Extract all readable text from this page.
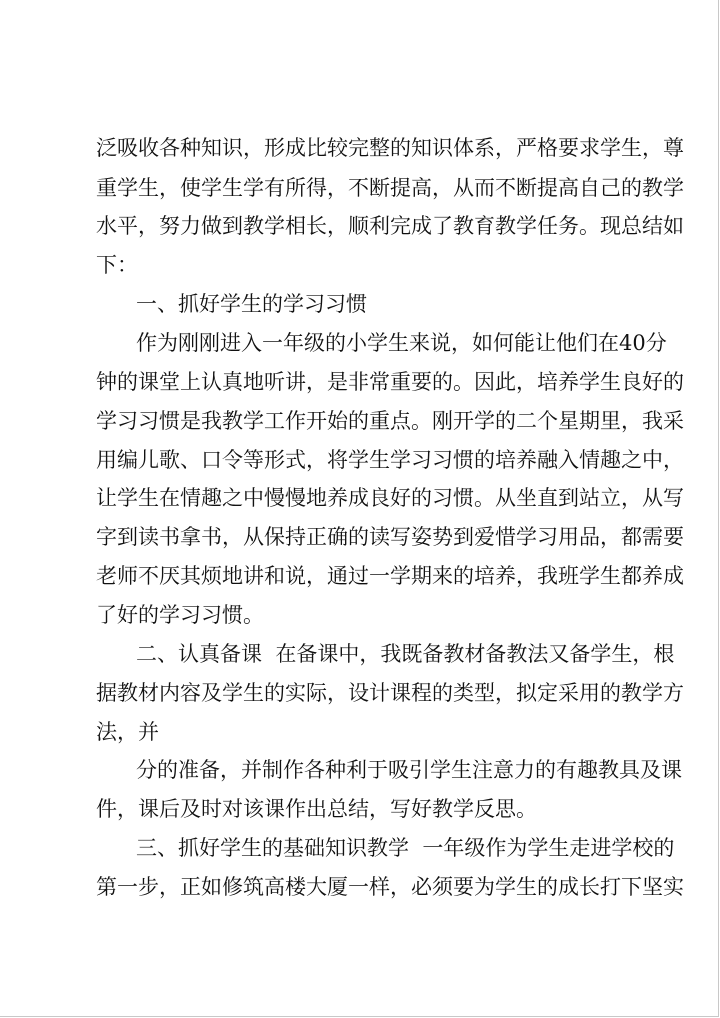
泛吸收各种知识，形成比较完整的知识体系，严格要求学生，尊
重学生，使学生学有所得，不断提高，从而不断提高自己的教学
水平，努力做到教学相长，顺利完成了教育教学任务。现总结如
下：
一、抓好学生的学习习惯
作为刚刚进入一年级的小学生来说，如何能让他们在40分
钟的课堂上认真地听讲，是非常重要的。因此，培养学生良好的
学习习惯是我教学工作开始的重点。刚开学的二个星期里，我采
用编儿歌、口令等形式，将学生学习习惯的培养融入情趣之中，
让学生在情趣之中慢慢地养成良好的习惯。从坐直到站立，从写
字到读书拿书，从保持正确的读写姿势到爱惜学习用品，都需要
老师不厌其烦地讲和说，通过一学期来的培养，我班学生都养成
了好的学习习惯。
二、认真备课  在备课中，我既备教材备教法又备学生，根
据教材内容及学生的实际，设计课程的类型，拟定采用的教学方
法，并
分的准备，并制作各种利于吸引学生注意力的有趣教具及课
件，课后及时对该课作出总结，写好教学反思。
三、抓好学生的基础知识教学  一年级作为学生走进学校的
第一步，正如修筑高楼大厦一样，必须要为学生的成长打下坚实
